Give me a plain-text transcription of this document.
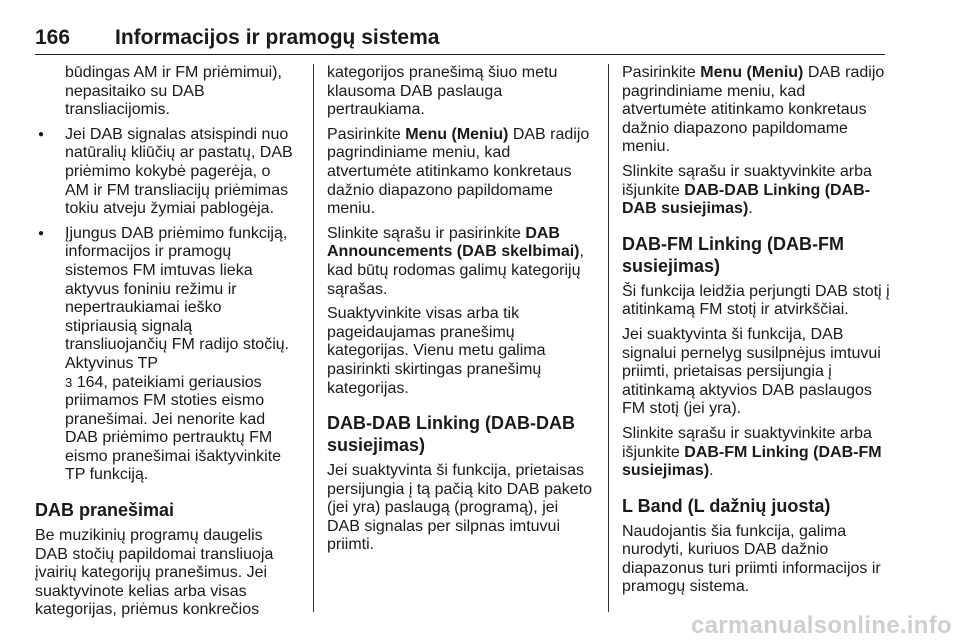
166 Informacijos ir pramogų sistema

būdingas AM ir FM priėmimui), nepasitaiko su DAB transliacijomis.

● Jei DAB signalas atsispindi nuo natūralių kliūčių ar pastatų, DAB priėmimo kokybė pagerėja, o AM ir FM transliacijų priėmimas tokiu atveju žymiai pablogėja.
● Įjungus DAB priėmimo funkciją, informacijos ir pramogų sistemos FM imtuvas lieka aktyvus foniniu režimu ir nepertraukiamai ieško stipriausią signalą transliuojančių FM radijo stočių. Aktyvinus TP
3 164, pateikiami geriausios priimamos FM stoties eismo pranešimai. Jei nenorite kad DAB priėmimo pertrauktų FM eismo pranešimai išaktyvinkite TP funkciją.
DAB pranešimai

Be muzikinių programų daugelis DAB stočių papildomai transliuoja įvairių kategorijų pranešimus. Jei suaktyvinote kelias arba visas kategorijas, priėmus konkrečios

kategorijos pranešimą šiuo metu klausoma DAB paslauga pertraukiama.

Pasirinkite Menu (Meniu) DAB radijo pagrindiniame meniu, kad atvertumėte atitinkamo konkretaus dažnio diapazono papildomame meniu.

Slinkite sąrašu ir pasirinkite DAB Announcements (DAB skelbimai), kad būtų rodomas galimų kategorijų sąrašas.

Suaktyvinkite visas arba tik pageidaujamas pranešimų kategorijas. Vienu metu galima pasirinkti skirtingas pranešimų kategorijas.

DAB-DAB Linking (DAB-DAB susiejimas)

Jei suaktyvinta ši funkcija, prietaisas persijungia į tą pačią kito DAB paketo (jei yra) paslaugą (programą), jei DAB signalas per silpnas imtuvui priimti.

Pasirinkite Menu (Meniu) DAB radijo pagrindiniame meniu, kad atvertumėte atitinkamo konkretaus dažnio diapazono papildomame meniu.

Slinkite sąrašu ir suaktyvinkite arba išjunkite DAB-DAB Linking (DAB-DAB susiejimas).

DAB-FM Linking (DAB-FM susiejimas)

Ši funkcija leidžia perjungti DAB stotį į atitinkamą FM stotį ir atvirkščiai.

Jei suaktyvinta ši funkcija, DAB signalui pernelyg susilpnėjus imtuvui priimti, prietaisas persijungia į atitinkamą aktyvios DAB paslaugos FM stotį (jei yra).

Slinkite sąrašu ir suaktyvinkite arba išjunkite DAB-FM Linking (DAB-FM susiejimas).

L Band (L dažnių juosta)

Naudojantis šia funkcija, galima nurodyti, kuriuos DAB dažnio diapazonus turi priimti informacijos ir pramogų sistema.

carmanualsonline.info
